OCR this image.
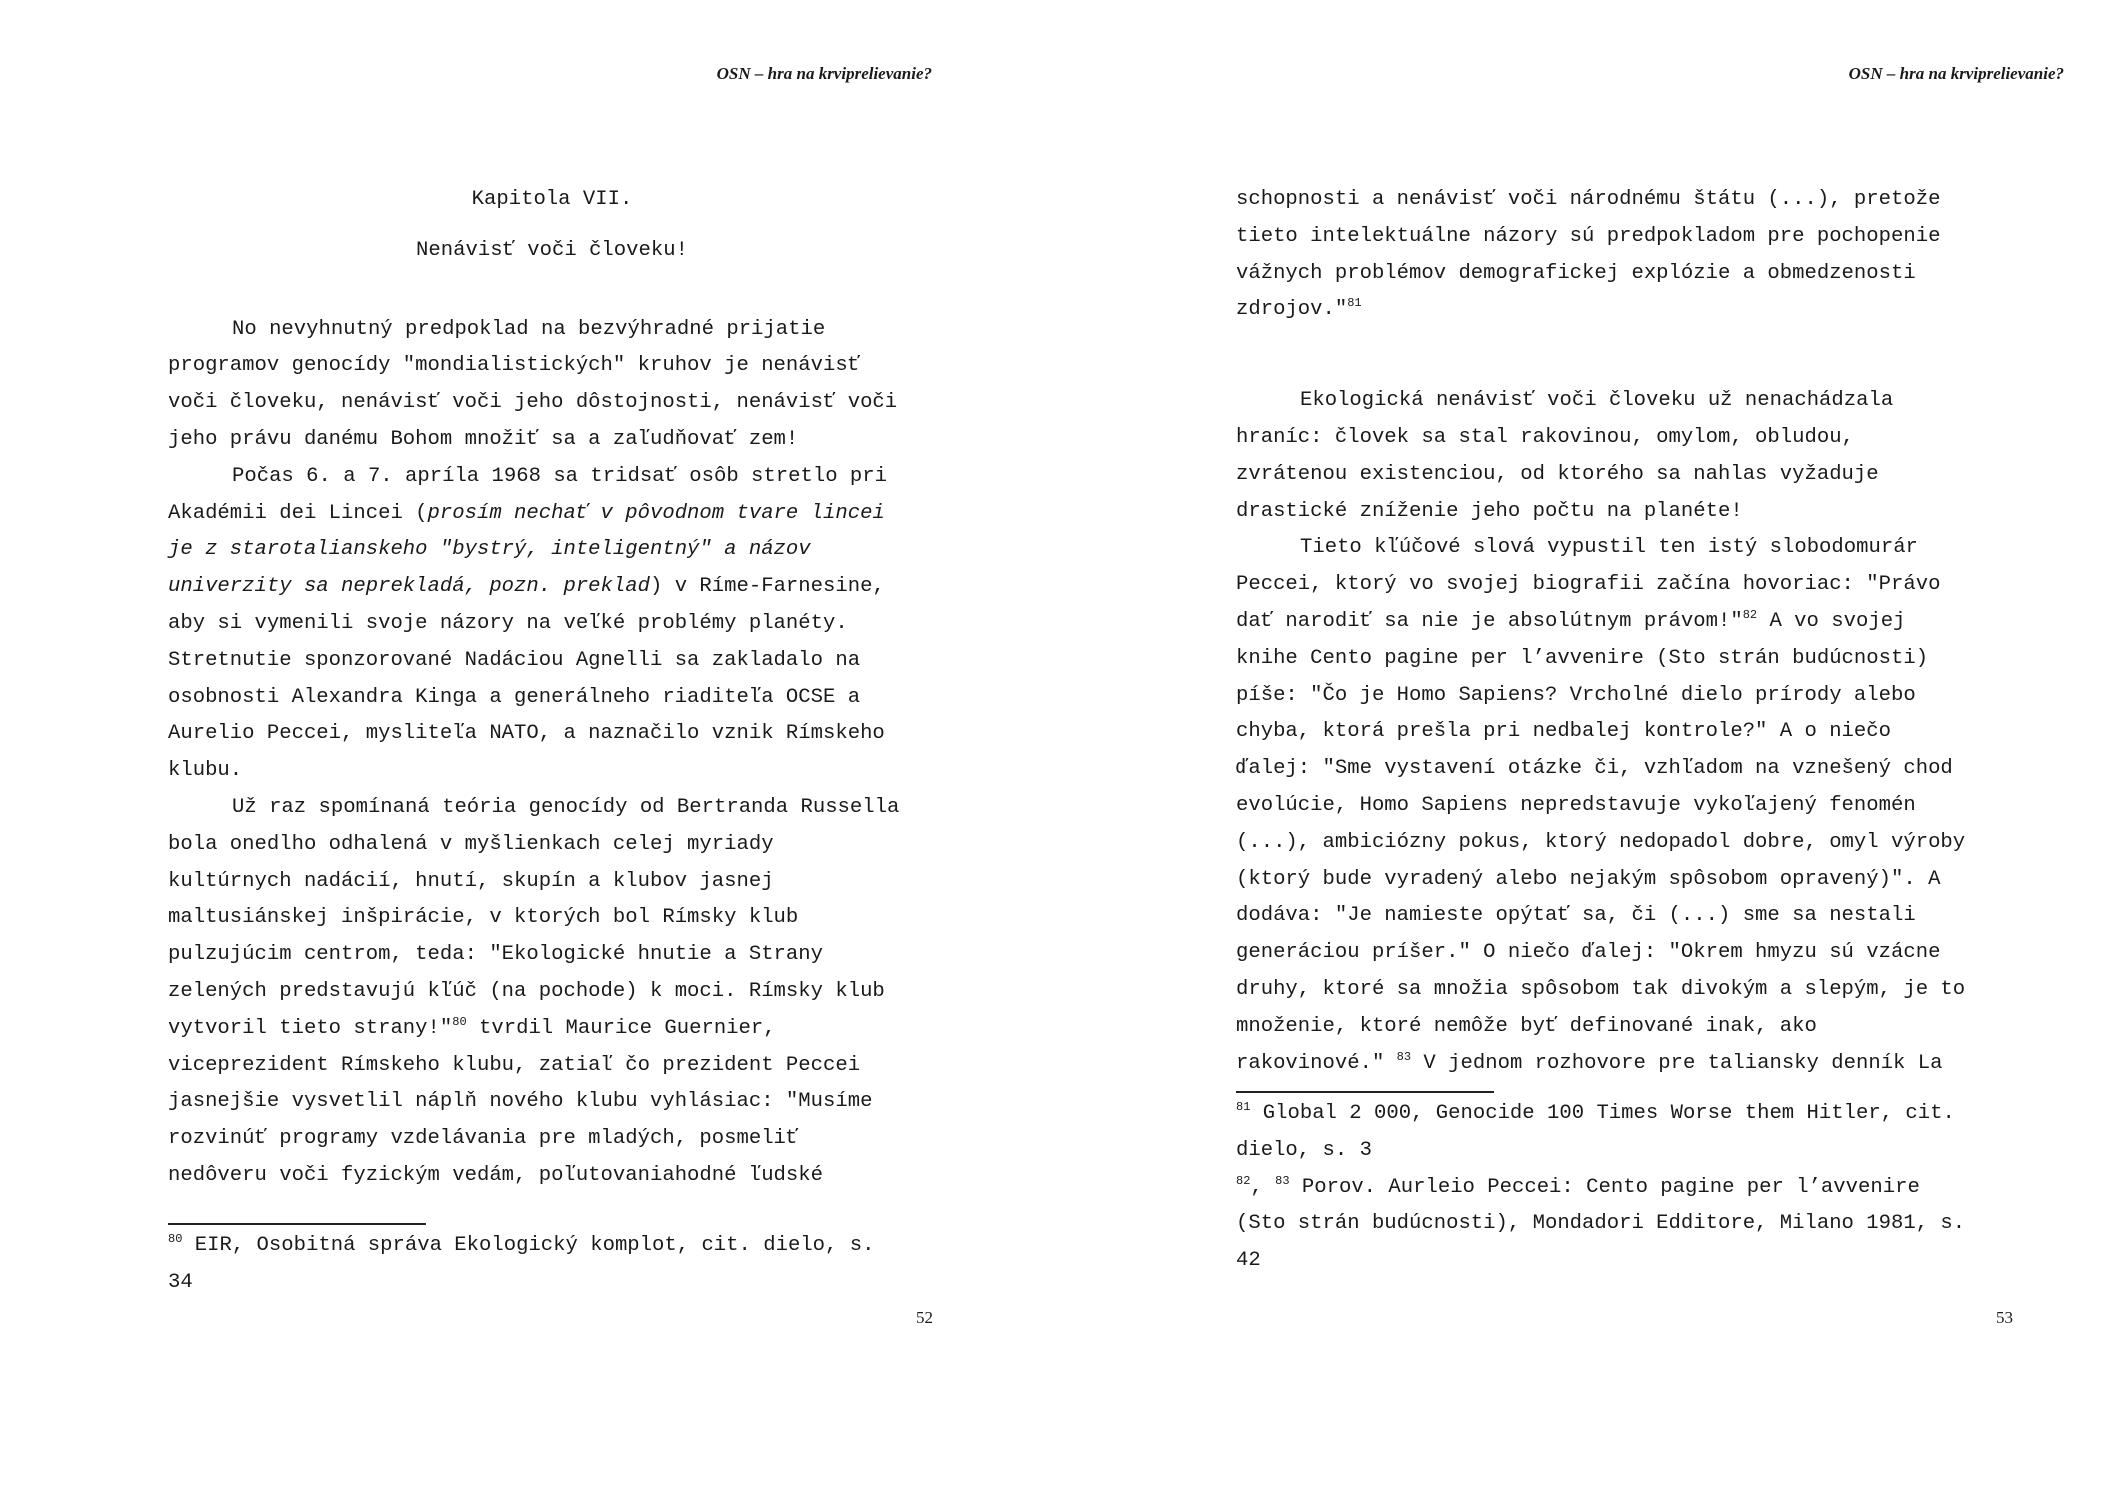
OSN – hra na krviprelievanie?
Kapitola VII.
Nenávisť voči človeku!
No nevyhnutný predpoklad na bezvýhradné prijatie
programov genocídy "mondialistických" kruhov je nenávisť
voči človeku, nenávisť voči jeho dôstojnosti, nenávisť voči
jeho právu danému Bohom množiť sa a zaľudňovať zem!
Počas 6. a 7. apríla 1968 sa tridsať osôb stretlo pri
Akadémii dei Lincei (prosím nechať v pôvodnom tvare lincei
je z starotalianskeho "bystrý, inteligentný" a názov
univerzity sa neprekladá, pozn. preklad) v Ríme-Farnesine,
aby si vymenili svoje názory na veľké problémy planéty.
Stretnutie sponzorované Nadáciou Agnelli sa zakladalo na
osobnosti Alexandra Kinga a generálneho riaditeľa OCSE a
Aurelio Peccei, mysliteľa NATO, a naznačilo vznik Rímskeho
klubu.
Už raz spomínaná teória genocídy od Bertranda Russella
bola onedlho odhalená v myšlienkach celej myriady
kultúrnych nadácií, hnutí, skupín a klubov jasnej
maltusiánskej inšpirácie, v ktorých bol Rímsky klub
pulzujúcim centrom, teda: "Ekologické hnutie a Strany
zelených predstavujú kľúč (na pochode) k moci. Rímsky klub
vytvoril tieto strany!"$^{80}$ tvrdil Maurice Guernier,
viceprezident Rímskeho klubu, zatiaľ čo prezident Peccei
jasnejšie vysvetlil náplň nového klubu vyhlásiac: "Musíme
rozvinúť programy vzdelávania pre mladých, posmeliť
nedôveru voči fyzickým vedám, poľutovaniahodné ľudské
$^{80}$ EIR, Osobitná správa Ekologický komplot, cit. dielo, s.
34
52
OSN – hra na krviprelievanie?
schopnosti a nenávisť voči národnému štátu (...), pretože
tieto intelektuálne názory sú predpokladom pre pochopenie
vážnych problémov demografickej explózie a obmedzenosti
zdrojov."$^{81}$
Ekologická nenávisť voči človeku už nenachádzala
hraníc: človek sa stal rakovinou, omylom, obludou,
zvrátenou existenciou, od ktorého sa nahlas vyžaduje
drastické zníženie jeho počtu na planéte!
Tieto kľúčové slová vypustil ten istý slobodomurár
Peccei, ktorý vo svojej biografii začína hovoriac: "Právo
dať narodiť sa nie je absolútnym právom!"$^{82}$ A vo svojej
knihe Cento pagine per l’avvenire (Sto strán budúcnosti)
píše: "Čo je Homo Sapiens? Vrcholné dielo prírody alebo
chyba, ktorá prešla pri nedbalej kontrole?" A o niečo
ďalej: "Sme vystavení otázke či, vzhľadom na vznešený chod
evolúcie, Homo Sapiens nepredstavuje vykoľajený fenomén
(...), ambiciózny pokus, ktorý nedopadol dobre, omyl výroby
(ktorý bude vyradený alebo nejakým spôsobom opravený)". A
dodáva: "Je namieste opýtať sa, či (...) sme sa nestali
generáciou príšer." O niečo ďalej: "Okrem hmyzu sú vzácne
druhy, ktoré sa množia spôsobom tak divokým a slepým, je to
množenie, ktoré nemôže byť definované inak, ako
rakovinové." $^{83}$ V jednom rozhovore pre taliansky denník La
$^{81}$ Global 2 000, Genocide 100 Times Worse them Hitler, cit.
dielo, s. 3
$^{82}$, $^{83}$ Porov. Aurleio Peccei: Cento pagine per l’avvenire
(Sto strán budúcnosti), Mondadori Edditore, Milano 1981, s.
42
53
